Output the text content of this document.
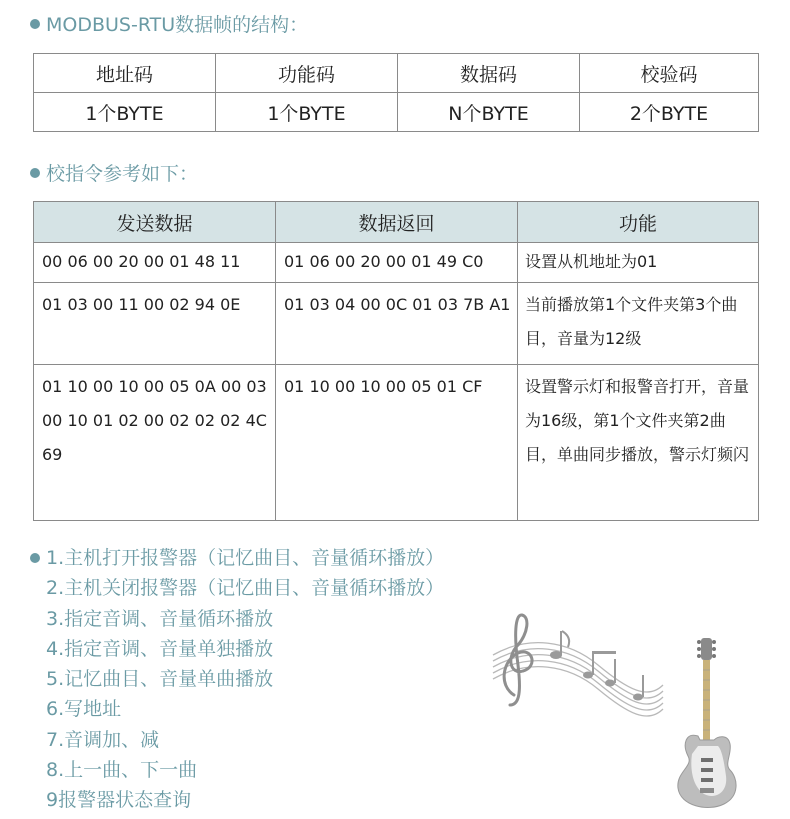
MODBUS-RTU数据帧的结构：
地址码	功能码	数据码	校验码
1个BYTE	1个BYTE	N个BYTE	2个BYTE
校指令参考如下：
发送数据	数据返回	功能
00 06 00 20 00 01 48 11	01 06 00 20 00 01 49 C0	设置从机地址为01
01 03 00 11 00 02 94 0E	01 03 04 00 0C 01 03 7B A1	当前播放第1个文件夹第3个曲目，音量为12级
01 10 00 10 00 05 0A 00 03 00 10 01 02 00 02 02 02 4C 69	01 10 00 10 00 05 01 CF	设置警示灯和报警音打开，音量为16级，第1个文件夹第2曲目，单曲同步播放，警示灯频闪
1.主机打开报警器（记忆曲目、音量循环播放）
2.主机关闭报警器（记忆曲目、音量循环播放）
3.指定音调、音量循环播放
4.指定音调、音量单独播放
5.记忆曲目、音量单曲播放
6.写地址
7.音调加、减
8.上一曲、下一曲
9报警器状态查询
